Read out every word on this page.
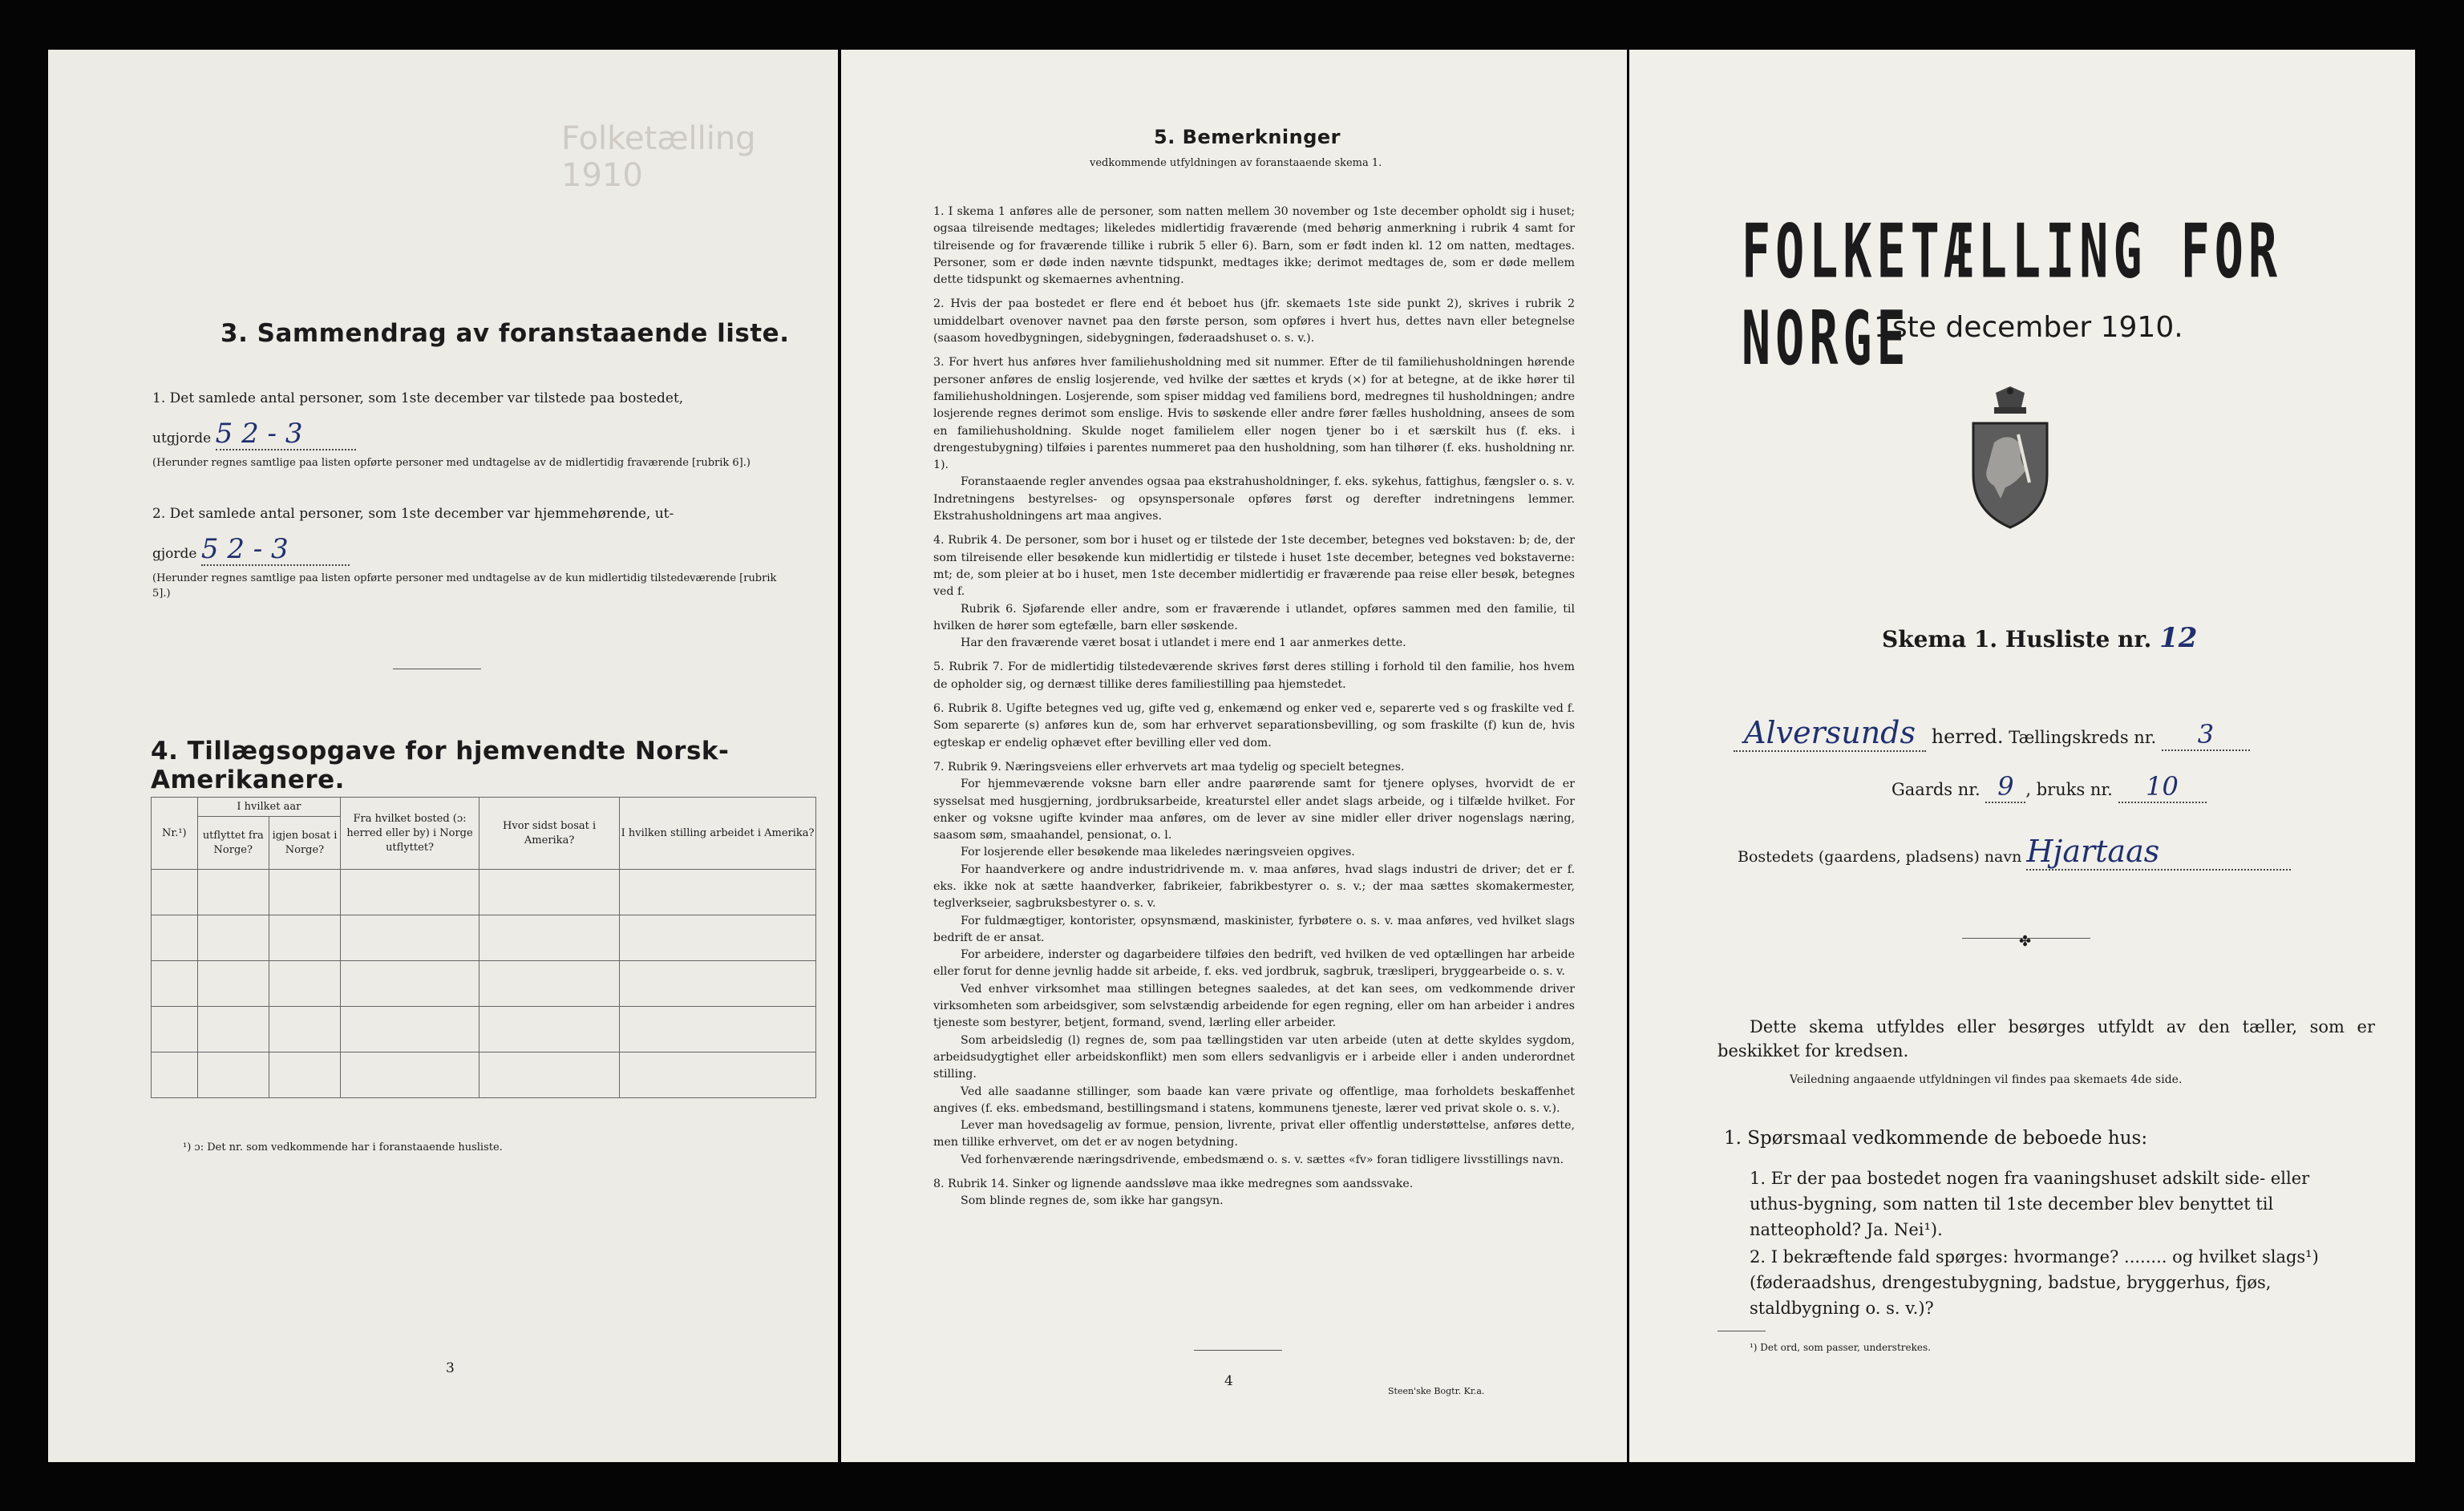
Folketælling 1910
3. Sammendrag av foranstaaende liste.
1. Det samlede antal personer, som 1ste december var tilstede paa bostedet,
utgjorde 5 2 - 3
(Herunder regnes samtlige paa listen opførte personer med undtagelse av de midlertidig fraværende [rubrik 6].)
2. Det samlede antal personer, som 1ste december var hjemmehørende, ut-
gjorde 5 2 - 3
(Herunder regnes samtlige paa listen opførte personer med undtagelse av de kun midlertidig tilstedeværende [rubrik 5].)
4. Tillægsopgave for hjemvendte Norsk-Amerikanere.
Nr.¹)	I hvilket aar		Fra hvilket bosted (ɔ: herred eller by) i Norge utflyttet?	Hvor sidst bosat i Amerika?	I hvilken stilling arbeidet i Amerika?
	utflyttet fra Norge?	igjen bosat i Norge?			

¹) ɔ: Det nr. som vedkommende har i foranstaaende husliste.
3
5. Bemerkninger
vedkommende utfyldningen av foranstaaende skema 1.

1. I skema 1 anføres alle de personer, som natten mellem 30 november og 1ste december opholdt sig i huset; ogsaa tilreisende medtages; likeledes midlertidig fraværende (med behørig anmerkning i rubrik 4 samt for tilreisende og for fraværende tillike i rubrik 5 eller 6). Barn, som er født inden kl. 12 om natten, medtages. Personer, som er døde inden nævnte tidspunkt, medtages ikke; derimot medtages de, som er døde mellem dette tidspunkt og skemaernes avhentning.

2. Hvis der paa bostedet er flere end ét beboet hus (jfr. skemaets 1ste side punkt 2), skrives i rubrik 2 umiddelbart ovenover navnet paa den første person, som opføres i hvert hus, dettes navn eller betegnelse (saasom hovedbygningen, sidebygningen, føderaadshuset o. s. v.).

3. For hvert hus anføres hver familiehusholdning med sit nummer. Efter de til familiehusholdningen hørende personer anføres de enslig losjerende, ved hvilke der sættes et kryds (×) for at betegne, at de ikke hører til familiehusholdningen. Losjerende, som spiser middag ved familiens bord, medregnes til husholdningen; andre losjerende regnes derimot som enslige. Hvis to søskende eller andre fører fælles husholdning, ansees de som en familiehusholdning. Skulde noget familielem eller nogen tjener bo i et særskilt hus (f. eks. i drengestubygning) tilføies i parentes nummeret paa den husholdning, som han tilhører (f. eks. husholdning nr. 1).

Foranstaaende regler anvendes ogsaa paa ekstrahusholdninger, f. eks. sykehus, fattighus, fængsler o. s. v. Indretningens bestyrelses- og opsynspersonale opføres først og derefter indretningens lemmer. Ekstrahusholdningens art maa angives.

4. Rubrik 4. De personer, som bor i huset og er tilstede der 1ste december, betegnes ved bokstaven: b; de, der som tilreisende eller besøkende kun midlertidig er tilstede i huset 1ste december, betegnes ved bokstaverne: mt; de, som pleier at bo i huset, men 1ste december midlertidig er fraværende paa reise eller besøk, betegnes ved f.

Rubrik 6. Sjøfarende eller andre, som er fraværende i utlandet, opføres sammen med den familie, til hvilken de hører som egtefælle, barn eller søskende.

Har den fraværende været bosat i utlandet i mere end 1 aar anmerkes dette.

5. Rubrik 7. For de midlertidig tilstedeværende skrives først deres stilling i forhold til den familie, hos hvem de opholder sig, og dernæst tillike deres familiestilling paa hjemstedet.

6. Rubrik 8. Ugifte betegnes ved ug, gifte ved g, enkemænd og enker ved e, separerte ved s og fraskilte ved f. Som separerte (s) anføres kun de, som har erhvervet separationsbevilling, og som fraskilte (f) kun de, hvis egteskap er endelig ophævet efter bevilling eller ved dom.

7. Rubrik 9. Næringsveiens eller erhvervets art maa tydelig og specielt betegnes.

For hjemmeværende voksne barn eller andre paarørende samt for tjenere oplyses, hvorvidt de er sysselsat med husgjerning, jordbruksarbeide, kreaturstel eller andet slags arbeide, og i tilfælde hvilket. For enker og voksne ugifte kvinder maa anføres, om de lever av sine midler eller driver nogenslags næring, saasom søm, smaahandel, pensionat, o. l.

For losjerende eller besøkende maa likeledes næringsveien opgives.

For haandverkere og andre industridrivende m. v. maa anføres, hvad slags industri de driver; det er f. eks. ikke nok at sætte haandverker, fabrikeier, fabrikbestyrer o. s. v.; der maa sættes skomakermester, teglverkseier, sagbruksbestyrer o. s. v.

For fuldmægtiger, kontorister, opsynsmænd, maskinister, fyrbøtere o. s. v. maa anføres, ved hvilket slags bedrift de er ansat.

For arbeidere, inderster og dagarbeidere tilføies den bedrift, ved hvilken de ved optællingen har arbeide eller forut for denne jevnlig hadde sit arbeide, f. eks. ved jordbruk, sagbruk, træsliperi, bryggearbeide o. s. v.

Ved enhver virksomhet maa stillingen betegnes saaledes, at det kan sees, om vedkommende driver virksomheten som arbeidsgiver, som selvstændig arbeidende for egen regning, eller om han arbeider i andres tjeneste som bestyrer, betjent, formand, svend, lærling eller arbeider.

Som arbeidsledig (l) regnes de, som paa tællingstiden var uten arbeide (uten at dette skyldes sygdom, arbeidsudygtighet eller arbeidskonflikt) men som ellers sedvanligvis er i arbeide eller i anden underordnet stilling.

Ved alle saadanne stillinger, som baade kan være private og offentlige, maa forholdets beskaffenhet angives (f. eks. embedsmand, bestillingsmand i statens, kommunens tjeneste, lærer ved privat skole o. s. v.).

Lever man hovedsagelig av formue, pension, livrente, privat eller offentlig understøttelse, anføres dette, men tillike erhvervet, om det er av nogen betydning.

Ved forhenværende næringsdrivende, embedsmænd o. s. v. sættes «fv» foran tidligere livsstillings navn.

8. Rubrik 14. Sinker og lignende aandssløve maa ikke medregnes som aandssvake.

Som blinde regnes de, som ikke har gangsyn.

4
Steen'ske Bogtr. Kr.a.
FOLKETÆLLING FOR NORGE
1ste december 1910.
Skema 1. Husliste nr. 12
Alversunds herred. Tællingskreds nr. 3
Gaards nr. 9 , bruks nr. 10
Bostedets (gaardens, pladsens) navn Hjartaas
✤
Dette skema utfyldes eller besørges utfyldt av den tæller, som er beskikket for kredsen.
Veiledning angaaende utfyldningen vil findes paa skemaets 4de side.
1. Spørsmaal vedkommende de beboede hus:
1. Er der paa bostedet nogen fra vaaningshuset adskilt side- eller uthus-bygning, som natten til 1ste december blev benyttet til natteophold? Ja. Nei¹).
2. I bekræftende fald spørges: hvormange? ........ og hvilket slags¹) (føderaadshus, drengestubygning, badstue, bryggerhus, fjøs, staldbygning o. s. v.)?
¹) Det ord, som passer, understrekes.
